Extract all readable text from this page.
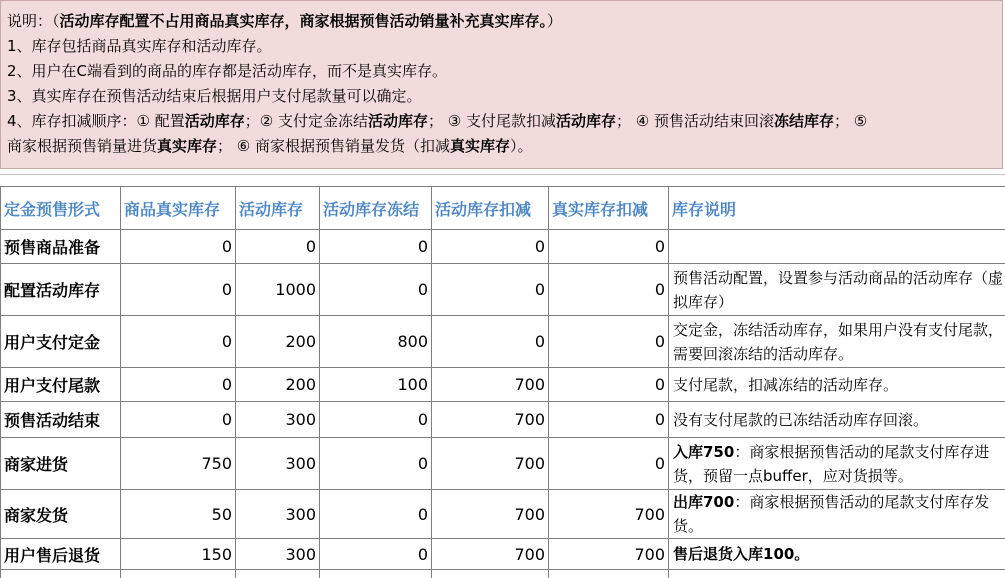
说明：（活动库存配置不占用商品真实库存，商家根据预售活动销量补充真实库存。）
1、库存包括商品真实库存和活动库存。
2、用户在C端看到的商品的库存都是活动库存，而不是真实库存。
3、真实库存在预售活动结束后根据用户支付尾款量可以确定。
4、库存扣减顺序：① 配置活动库存；② 支付定金冻结活动库存； ③ 支付尾款扣减活动库存； ④ 预售活动结束回滚冻结库存； ⑤
商家根据预售销量进货真实库存； ⑥ 商家根据预售销量发货（扣减真实库存）。
定金预售形式	商品真实库存	活动库存	活动库存冻结	活动库存扣减	真实库存扣减	库存说明
预售商品准备	0	0	0	0	0	
配置活动库存	0	1000	0	0	0	预售活动配置，设置参与活动商品的活动库存（虚拟库存）
用户支付定金	0	200	800	0	0	交定金，冻结活动库存，如果用户没有支付尾款，需要回滚冻结的活动库存。
用户支付尾款	0	200	100	700	0	支付尾款，扣减冻结的活动库存。
预售活动结束	0	300	0	700	0	没有支付尾款的已冻结活动库存回滚。
商家进货	750	300	0	700	0	入库750：商家根据预售活动的尾款支付库存进货，预留一点buffer，应对货损等。
商家发货	50	300	0	700	700	出库700：商家根据预售活动的尾款支付库存发货。
用户售后退货	150	300	0	700	700	售后退货入库100。
